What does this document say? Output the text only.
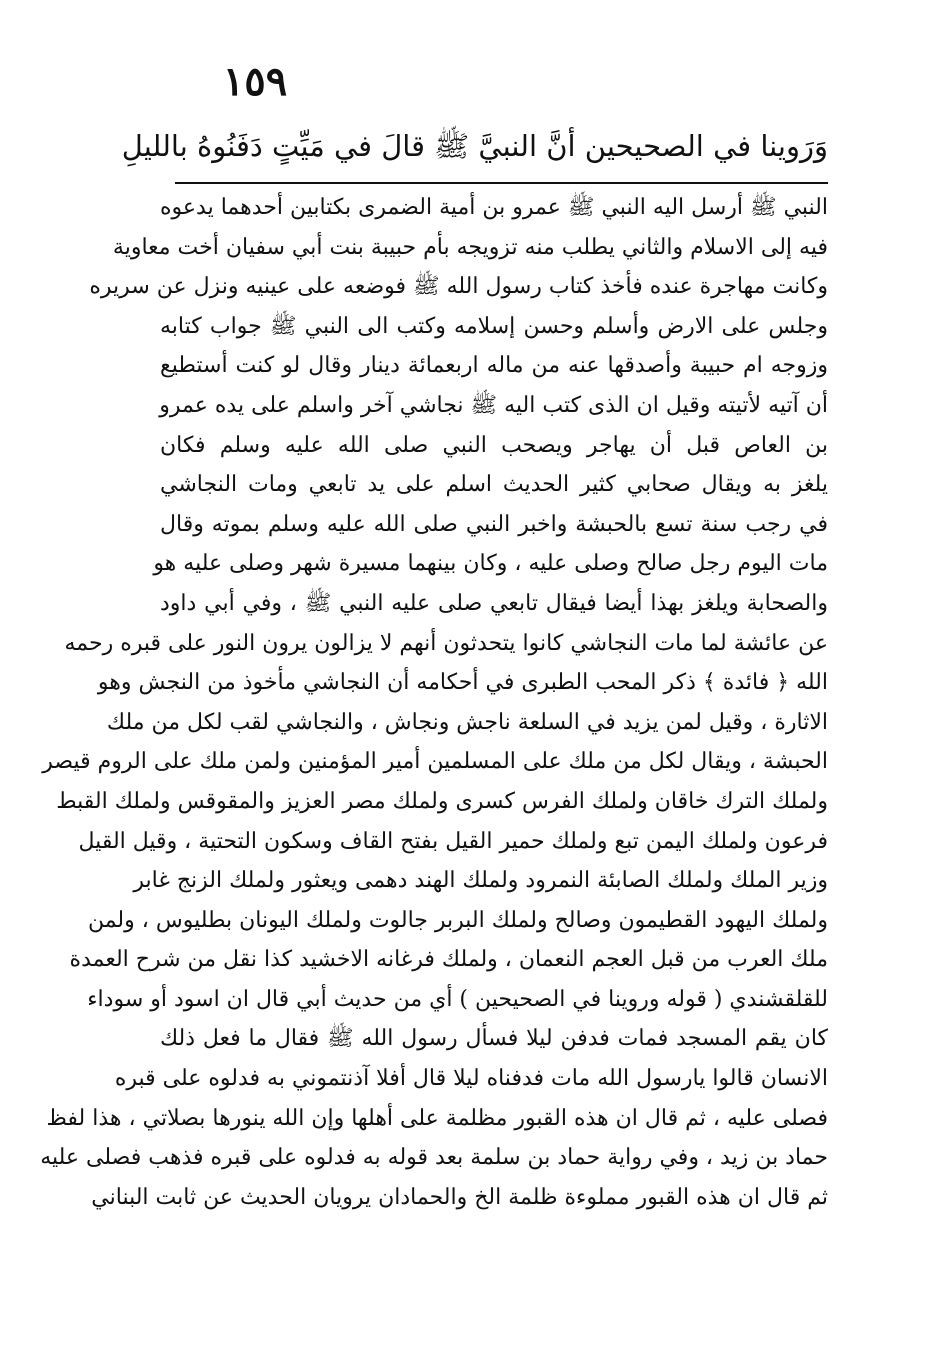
١٥٩
وَرَوينا في الصحيحين أنَّ النبيَّ ﷺ قالَ في مَيِّتٍ دَفَنُوهُ بالليلِ
النبي ﷺ أرسل اليه النبي ﷺ عمرو بن أمية الضمرى بكتابين أحدهما يدعوه
فيه إلى الاسلام والثاني يطلب منه تزويجه بأم حبيبة بنت أبي سفيان أخت معاوية
وكانت مهاجرة عنده فأخذ كتاب رسول الله ﷺ فوضعه على عينيه ونزل عن سريره
وجلس على الارض وأسلم وحسن إسلامه وكتب الى النبي ﷺ جواب كتابه
وزوجه ام حبيبة وأصدقها عنه من ماله اربعمائة دينار وقال لو كنت أستطيع
أن آتيه لأتيته وقيل ان الذى كتب اليه ﷺ نجاشي آخر واسلم على يده عمرو
بن العاص قبل أن يهاجر ويصحب النبي صلى الله عليه وسلم فكان
يلغز به ويقال صحابي كثير الحديث اسلم على يد تابعي ومات النجاشي
في رجب سنة تسع بالحبشة واخبر النبي صلى الله عليه وسلم بموته وقال
مات اليوم رجل صالح وصلى عليه ، وكان بينهما مسيرة شهر وصلى عليه هو
والصحابة ويلغز بهذا أيضا فيقال تابعي صلى عليه النبي ﷺ ، وفي أبي داود
عن عائشة لما مات النجاشي كانوا يتحدثون أنهم لا يزالون يرون النور على قبره رحمه
الله ﴿ فائدة ﴾ ذكر المحب الطبرى في أحكامه أن النجاشي مأخوذ من النجش وهو
الاثارة ، وقيل لمن يزيد في السلعة ناجش ونجاش ، والنجاشي لقب لكل من ملك
الحبشة ، ويقال لكل من ملك على المسلمين أمير المؤمنين ولمن ملك على الروم قيصر
ولملك الترك خاقان ولملك الفرس كسرى ولملك مصر العزيز والمقوقس ولملك القبط
فرعون ولملك اليمن تبع ولملك حمير القيل بفتح القاف وسكون التحتية ، وقيل القيل
وزير الملك ولملك الصابئة النمرود ولملك الهند دهمى ويعثور ولملك الزنج غابر
ولملك اليهود القطيمون وصالح ولملك البربر جالوت ولملك اليونان بطليوس ، ولمن
ملك العرب من قبل العجم النعمان ، ولملك فرغانه الاخشيد كذا نقل من شرح العمدة
للقلقشندي ( قوله وروينا في الصحيحين ) أي من حديث أبي قال ان اسود أو سوداء
كان يقم المسجد فمات فدفن ليلا فسأل رسول الله ﷺ فقال ما فعل ذلك
الانسان قالوا يارسول الله مات فدفناه ليلا قال أفلا آذنتموني به فدلوه على قبره
فصلى عليه ، ثم قال ان هذه القبور مظلمة على أهلها وإن الله ينورها بصلاتي ، هذا لفظ
حماد بن زيد ، وفي رواية حماد بن سلمة بعد قوله به فدلوه على قبره فذهب فصلى عليه
ثم قال ان هذه القبور مملوءة ظلمة الخ والحمادان يرويان الحديث عن ثابت البناني
